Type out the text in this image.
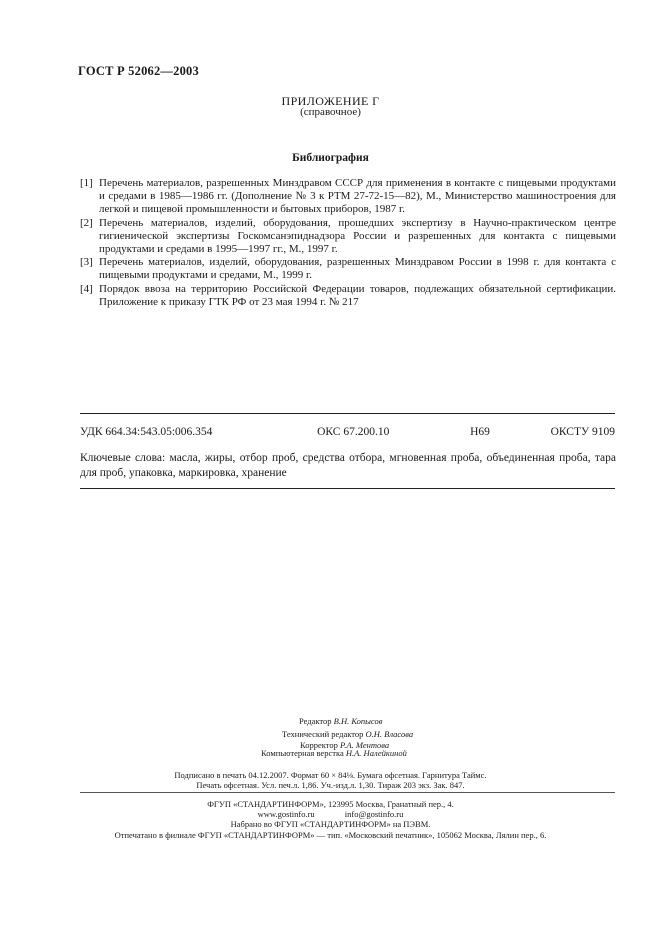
ГОСТ Р 52062—2003
ПРИЛОЖЕНИЕ Г
(справочное)
Библиография
[1] Перечень материалов, разрешенных Минздравом СССР для применения в контакте с пищевыми продуктами и средами в 1985—1986 гг. (Дополнение № 3 к РТМ 27-72-15—82), М., Министерство машиностроения для легкой и пищевой промышленности и бытовых приборов, 1987 г.
[2] Перечень материалов, изделий, оборудования, прошедших экспертизу в Научно-практическом центре гигиенической экспертизы Госкомсанэпиднадзора России и разрешенных для контакта с пищевыми продуктами и средами в 1995—1997 гг., М., 1997 г.
[3] Перечень материалов, изделий, оборудования, разрешенных Минздравом России в 1998 г. для контакта с пищевыми продуктами и средами, М., 1999 г.
[4] Порядок ввоза на территорию Российской Федерации товаров, подлежащих обязательной сертификации. Приложение к приказу ГТК РФ от 23 мая 1994 г. № 217
УДК 664.34:543.05:006.354	ОКС 67.200.10	Н69	ОКСТУ 9109
Ключевые слова: масла, жиры, отбор проб, средства отбора, мгновенная проба, объединенная проба, тара для проб, упаковка, маркировка, хранение
Редактор В.Н. Копысов
Технический редактор О.Н. Власова
Корректор Р.А. Ментова
Компьютерная верстка Н.А. Налейкиной
Подписано в печать 04.12.2007. Формат 60 × 84⅛. Бумага офсетная. Гарнитура Таймс.
Печать офсетная. Усл. печ.л. 1,86. Уч.-изд.л. 1,30. Тираж 203 экз. Зак. 847.
ФГУП «СТАНДАРТИНФОРМ», 123995 Москва, Гранатный пер., 4.
www.gostinfo.ru	info@gostinfo.ru
Набрано во ФГУП «СТАНДАРТИНФОРМ» на ПЭВМ.
Отпечатано в филиале ФГУП «СТАНДАРТИНФОРМ» — тип. «Московский печатник», 105062 Москва, Лялин пер., 6.
